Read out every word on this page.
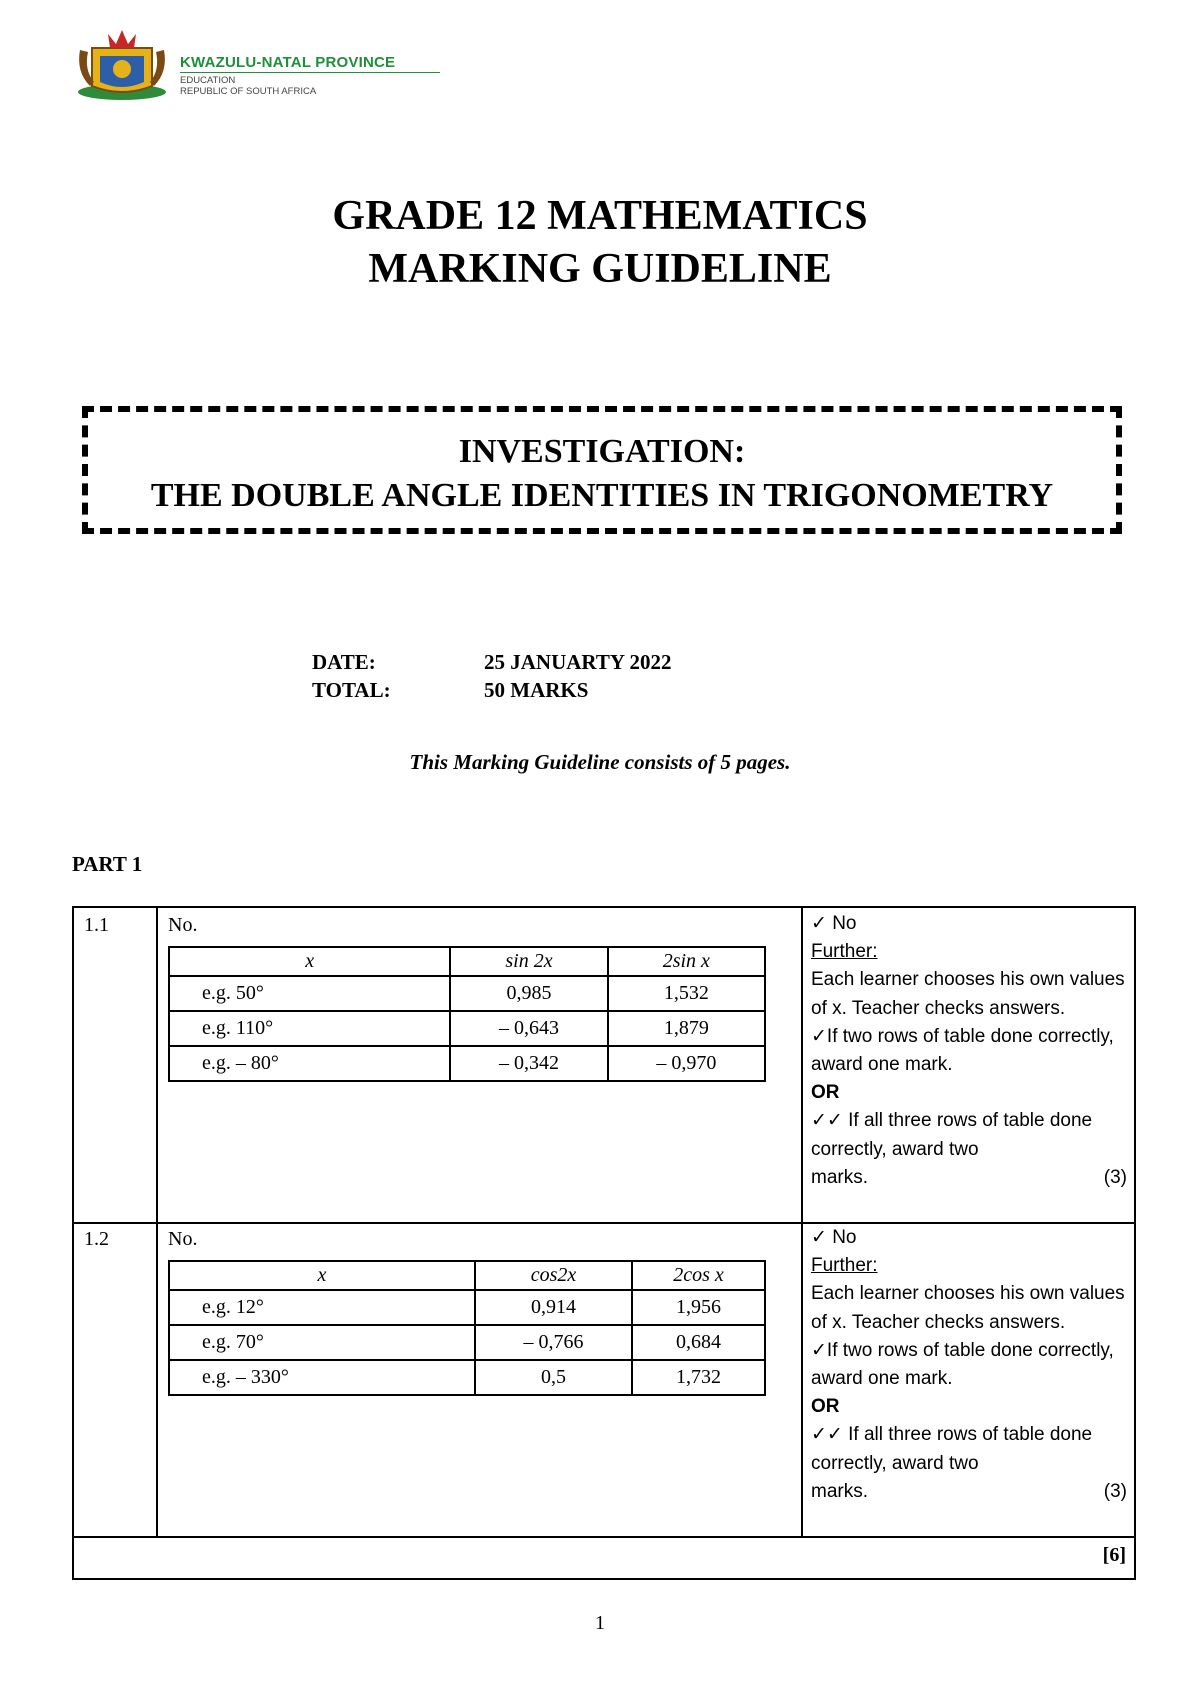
KWAZULU-NATAL PROVINCE
EDUCATION
REPUBLIC OF SOUTH AFRICA
GRADE 12 MATHEMATICS
MARKING GUIDELINE
INVESTIGATION:
THE DOUBLE ANGLE IDENTITIES IN TRIGONOMETRY
DATE:	25 JANUARTY 2022
TOTAL:	50 MARKS
This Marking Guideline consists of 5 pages.
PART 1
1.1	No.
x	sin 2x	2sin x
e.g. 50°	0,985	1,532
e.g. 110°	– 0,643	1,879
e.g. – 80°	– 0,342	– 0,970
✓ No
Further:
Each learner chooses his own values of x. Teacher checks answers.
✓If two rows of table done correctly, award one mark.
OR
✓✓ If all three rows of table done correctly, award two
marks.	(3)
1.2	No.
x	cos2x	2cos x
e.g. 12°	0,914	1,956
e.g. 70°	– 0,766	0,684
e.g. – 330°	0,5	1,732
✓ No
Further:
Each learner chooses his own values of x. Teacher checks answers.
✓If two rows of table done correctly, award one mark.
OR
✓✓ If all three rows of table done correctly, award two
marks.	(3)
[6]
1
